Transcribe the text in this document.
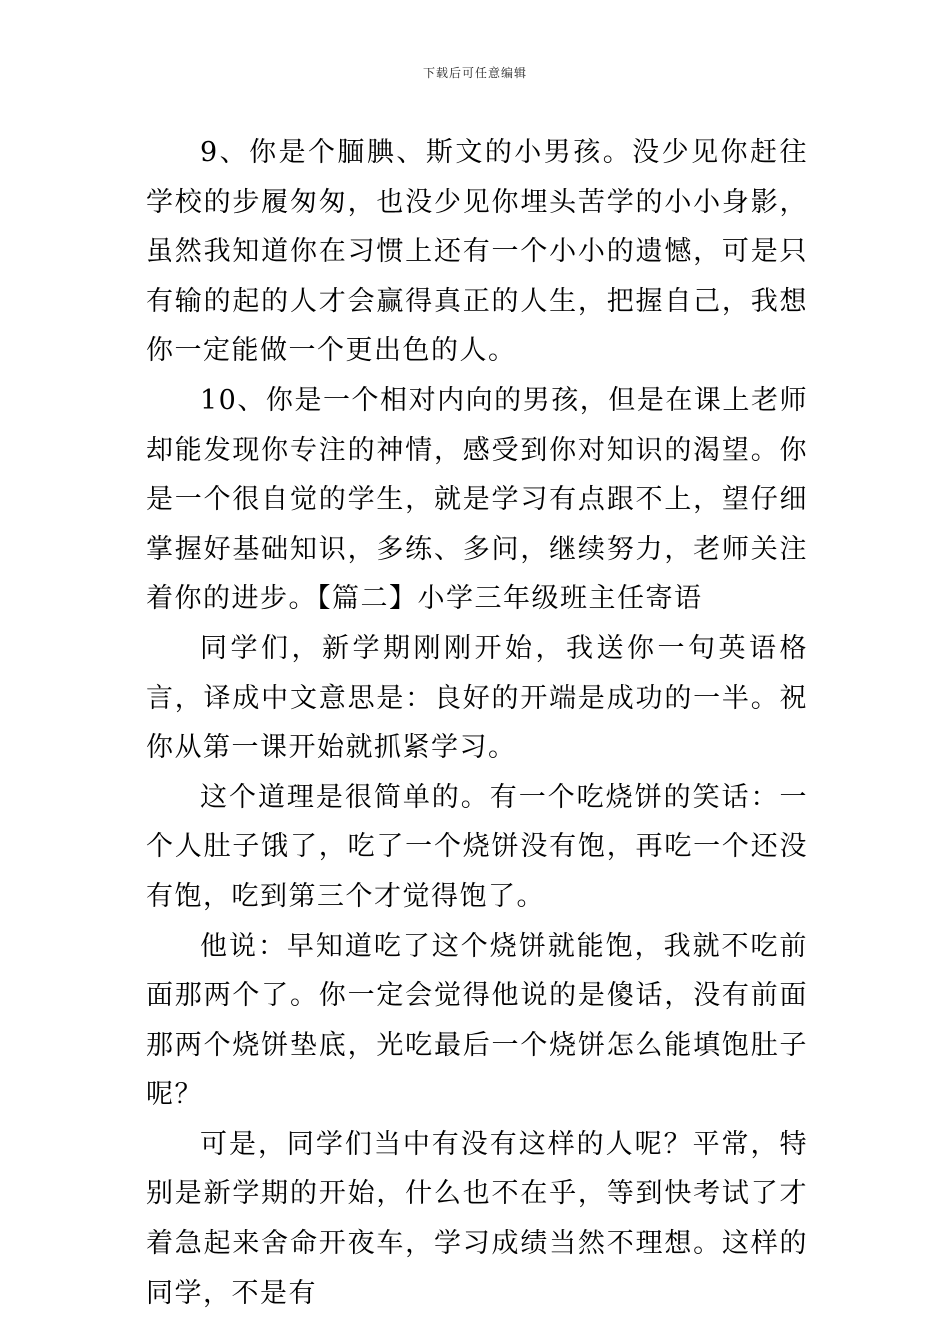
下载后可任意编辑

9、你是个腼腆、斯文的小男孩。没少见你赶往学校的步履匆匆，也没少见你埋头苦学的小小身影，虽然我知道你在习惯上还有一个小小的遗憾，可是只有输的起的人才会赢得真正的人生，把握自己，我想你一定能做一个更出色的人。

10、你是一个相对内向的男孩，但是在课上老师却能发现你专注的神情，感受到你对知识的渴望。你是一个很自觉的学生，就是学习有点跟不上，望仔细掌握好基础知识，多练、多问，继续努力，老师关注着你的进步。【篇二】小学三年级班主任寄语

同学们，新学期刚刚开始，我送你一句英语格言，译成中文意思是：良好的开端是成功的一半。祝你从第一课开始就抓紧学习。

这个道理是很简单的。有一个吃烧饼的笑话：一个人肚子饿了，吃了一个烧饼没有饱，再吃一个还没有饱，吃到第三个才觉得饱了。

他说：早知道吃了这个烧饼就能饱，我就不吃前面那两个了。你一定会觉得他说的是傻话，没有前面那两个烧饼垫底，光吃最后一个烧饼怎么能填饱肚子呢？

可是，同学们当中有没有这样的人呢？平常，特别是新学期的开始，什么也不在乎，等到快考试了才着急起来舍命开夜车，学习成绩当然不理想。这样的同学，不是有
